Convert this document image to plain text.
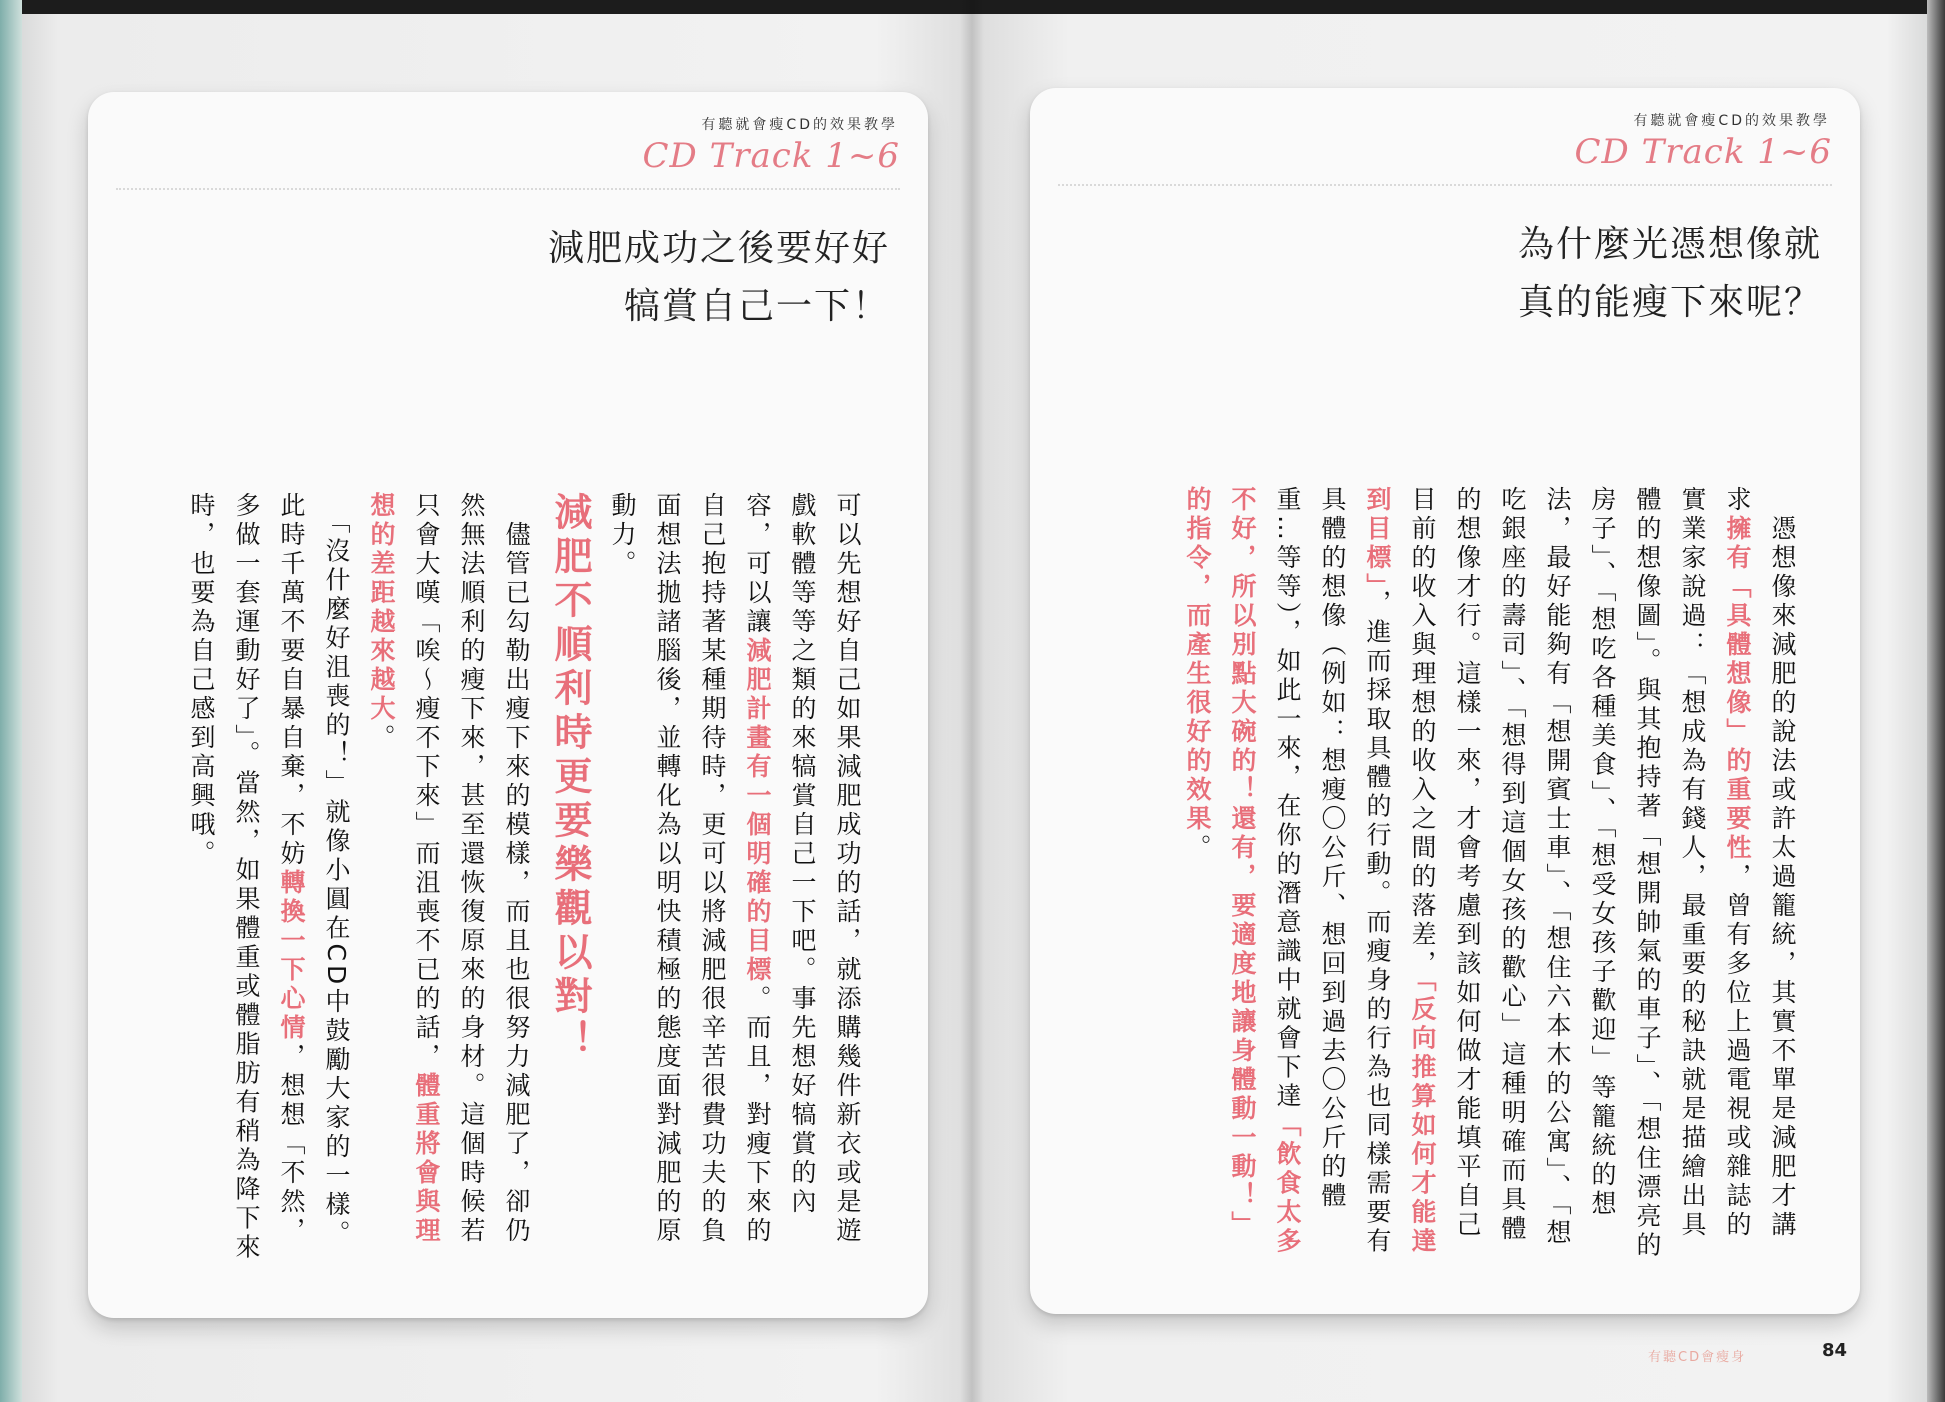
有聽就會瘦CD的效果教學
CD Track 1~6
減肥成功之後要好好
犒賞自己一下！

可以先想好自己如果減肥成功的話，就添購幾件新衣或是遊戲軟體等等之類的來犒賞自己一下吧。事先想好犒賞的內容，可以讓減肥計畫有一個明確的目標。而且，對瘦下來的自己抱持著某種期待時，更可以將減肥很辛苦很費功夫的負面想法拋諸腦後，並轉化為以明快積極的態度面對減肥的原動力。

減肥不順利時更要樂觀以對！

　儘管已勾勒出瘦下來的模樣，而且也很努力減肥了，卻仍然無法順利的瘦下來，甚至還恢復原來的身材。這個時候若只會大嘆「唉〜瘦不下來」而沮喪不已的話，體重將會與理想的差距越來越大。

　「沒什麼好沮喪的！」就像小圓在CD中鼓勵大家的一樣。此時千萬不要自暴自棄，不妨轉換一下心情，想想「不然，多做一套運動好了」。當然，如果體重或體脂肪有稍為降下來時，也要為自己感到高興哦。

有聽就會瘦CD的效果教學
CD Track 1~6
為什麼光憑想像就
真的能瘦下來呢？

　憑想像來減肥的說法或許太過籠統，其實不單是減肥才講求擁有「具體想像」的重要性，曾有多位上過電視或雜誌的實業家說過：「想成為有錢人，最重要的秘訣就是描繪出具體的想像圖」。與其抱持著「想開帥氣的車子」、「想住漂亮的房子」、「想吃各種美食」、「想受女孩子歡迎」等籠統的想法，最好能夠有「想開賓士車」、「想住六本木的公寓」、「想吃銀座的壽司」、「想得到這個女孩的歡心」這種明確而具體的想像才行。這樣一來，才會考慮到該如何做才能填平自己目前的收入與理想的收入之間的落差，「反向推算如何才能達到目標」，進而採取具體的行動。而瘦身的行為也同樣需要有具體的想像（例如：想瘦〇公斤、想回到過去〇公斤的體重…等等），如此一來，在你的潛意識中就會下達「飲食太多不好，所以別點大碗的！還有，要適度地讓身體動一動！」的指令，而產生很好的效果。

有聽CD會瘦身	84
